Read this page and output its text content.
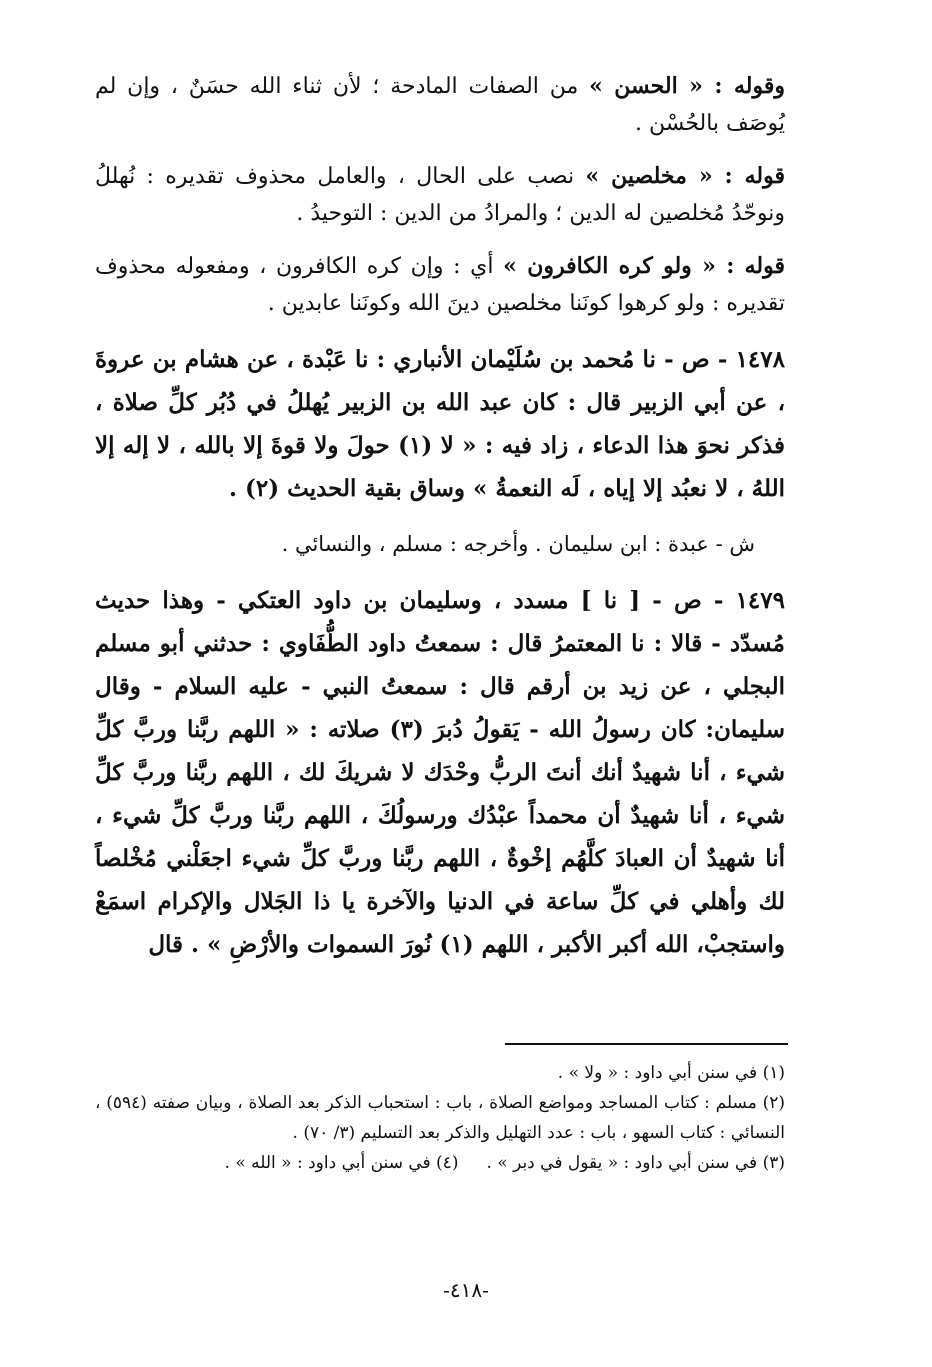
وقوله : « الحسن » من الصفات المادحة ؛ لأن ثناء الله حسَنٌ ، وإن لم يُوصَف بالحُسْن .

قوله : « مخلصين » نصب على الحال ، والعامل محذوف تقديره : نُهللُ ونوحّدُ مُخلصين له الدين ؛ والمرادُ من الدين : التوحيدُ .

قوله : « ولو كره الكافرون » أي : وإن كره الكافرون ، ومفعوله محذوف تقديره : ولو كرهوا كونَنا مخلصين دينَ الله وكونَنا عابدين .

١٤٧٨ - ص - نا مُحمد بن سُلَيْمان الأنباري : نا عَبْدة ، عن هشام بن عروةَ ، عن أبي الزبير قال : كان عبد الله بن الزبير يُهللُ في دُبُر كلِّ صلاة ، فذكر نحوَ هذا الدعاء ، زاد فيه : « لا (١) حولَ ولا قوةَ إلا بالله ، لا إله إلا اللهُ ، لا نعبُد إلا إياه ، لَه النعمةُ » وساق بقية الحديث (٢) .

ش - عبدة : ابن سليمان . وأخرجه : مسلم ، والنسائي .

١٤٧٩ - ص - [ نا ] مسدد ، وسليمان بن داود العتكي - وهذا حديث مُسدّد - قالا : نا المعتمرُ قال : سمعتُ داود الطُّفَاوي : حدثني أبو مسلم البجلي ، عن زيد بن أرقم قال : سمعتُ النبي - عليه السلام - وقال سليمان: كان رسولُ الله - يَقولُ دُبرَ (٣) صلاته : « اللهم ربَّنا وربَّ كلِّ شيء ، أنا شهيدٌ أنك أنتَ الربُّ وحْدَك لا شريكَ لك ، اللهم ربَّنا وربَّ كلِّ شيء ، أنا شهيدٌ أن محمداً عبْدُك ورسولُكَ ، اللهم ربَّنا وربَّ كلِّ شيء ، أنا شهيدٌ أن العبادَ كلَّهُم إخْوةٌ ، اللهم ربَّنا وربَّ كلِّ شيء اجعَلْني مُخْلصاً لك وأهلي في كلِّ ساعة في الدنيا والآخرة يا ذا الجَلال والإكرام اسمَعْ واستجبْ، الله أكبر الأكبر ، اللهم (١) نُورَ السموات والأرْضِ » . قال

(١) في سنن أبي داود : « ولا » .

(٢) مسلم : كتاب المساجد ومواضع الصلاة ، باب : استحباب الذكر بعد الصلاة ، وبيان صفته (٥٩٤) ، النسائي : كتاب السهو ، باب : عدد التهليل والذكر بعد التسليم (٣/ ٧٠) .

(٣) في سنن أبي داود : « يقول في دبر » .
(٤) في سنن أبي داود : « الله » .
-٤١٨-
